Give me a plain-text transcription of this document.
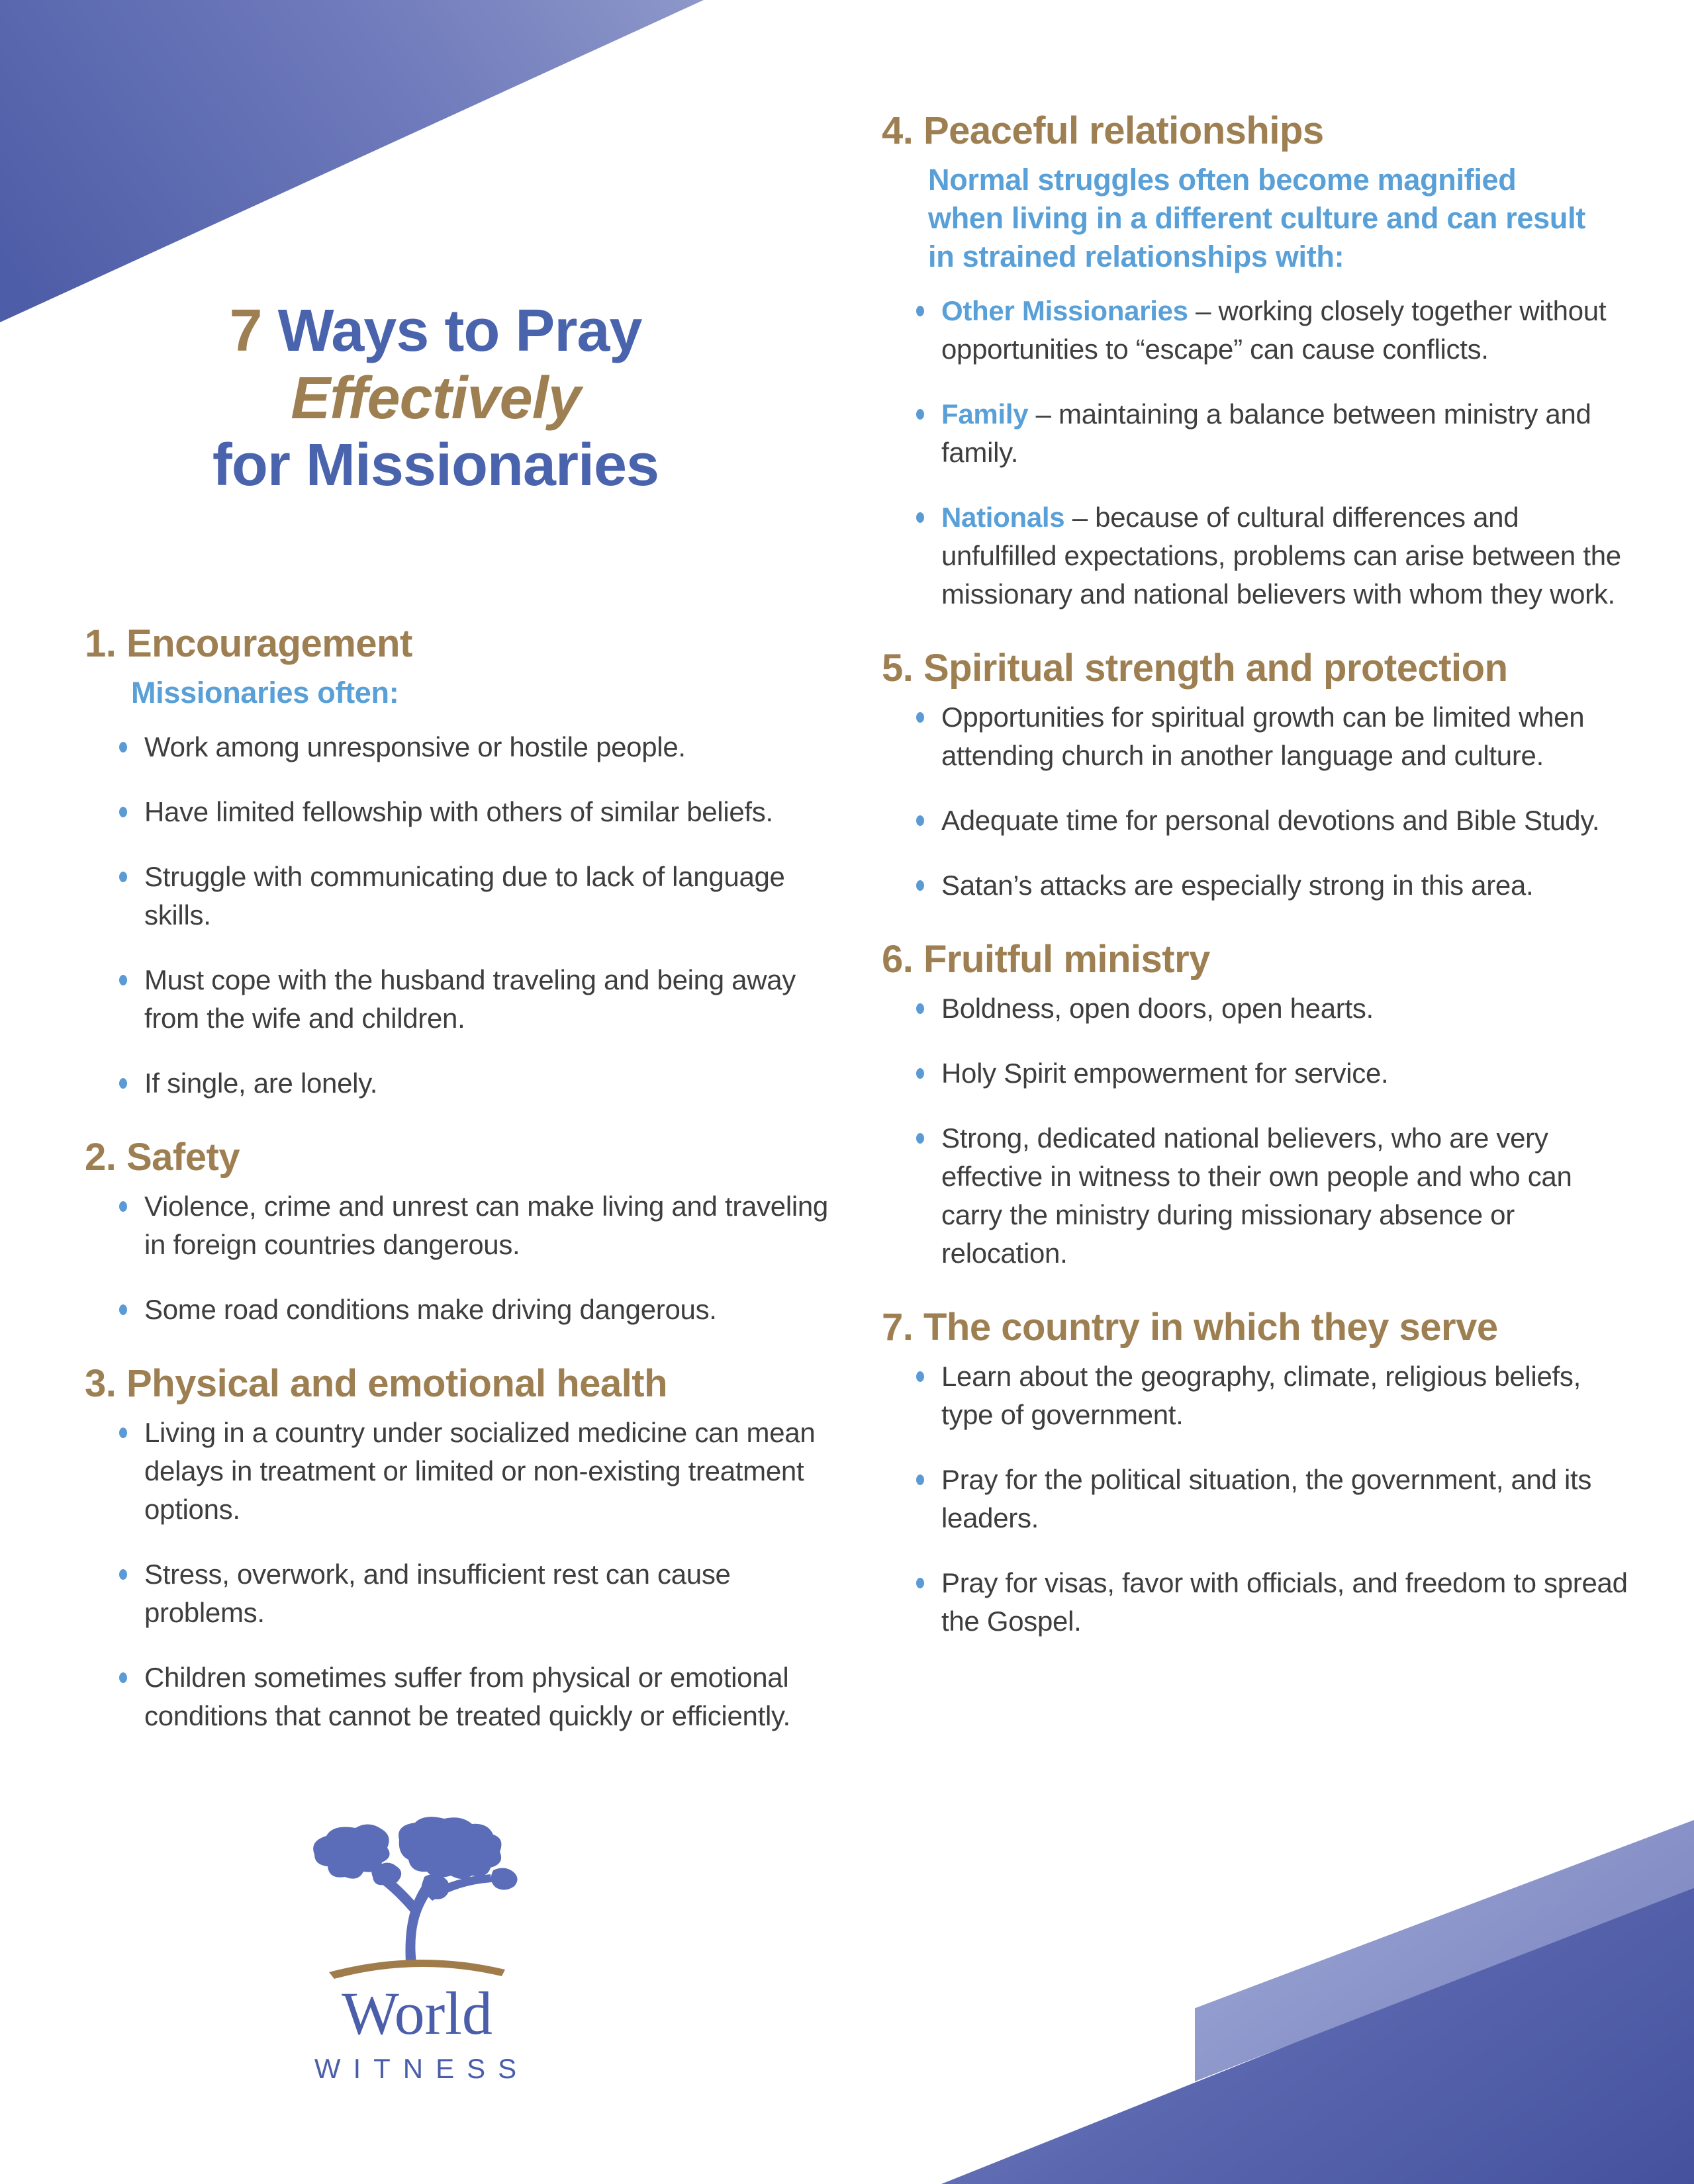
7 Ways to Pray
Effectively
for Missionaries
1. Encouragement

Missionaries often:

Work among unresponsive or hostile people.

Have limited fellowship with others of similar beliefs.

Struggle with communicating due to lack of language skills.

Must cope with the husband traveling and being away from the wife and children.

If single, are lonely.

2. Safety

Violence, crime and unrest can make living and traveling in foreign countries dangerous.

Some road conditions make driving dangerous.

3. Physical and emotional health

Living in a country under socialized medicine can mean delays in treatment or limited or non-existing treatment options.

Stress, overwork, and insufficient rest can cause problems.

Children sometimes suffer from physical or emotional conditions that cannot be treated quickly or efficiently.

4. Peaceful relationships

Normal struggles often become magnified when living in a different culture and can result in strained relationships with:

Other Missionaries – working closely together without opportunities to “escape” can cause conflicts.

Family – maintaining a balance between ministry and family.

Nationals – because of cultural differences and unfulfilled expectations, problems can arise between the missionary and national believers with whom they work.

5. Spiritual strength and protection

Opportunities for spiritual growth can be limited when attending church in another language and culture.

Adequate time for personal devotions and Bible Study.

Satan’s attacks are especially strong in this area.

6. Fruitful ministry

Boldness, open doors, open hearts.

Holy Spirit empowerment for service.

Strong, dedicated national believers, who are very effective in witness to their own people and who can carry the ministry during missionary absence or relocation.

7. The country in which they serve

Learn about the geography, climate, religious beliefs, type of government.

Pray for the political situation, the government, and its leaders.

Pray for visas, favor with officials, and freedom to spread the Gospel.

World
WITNESS
